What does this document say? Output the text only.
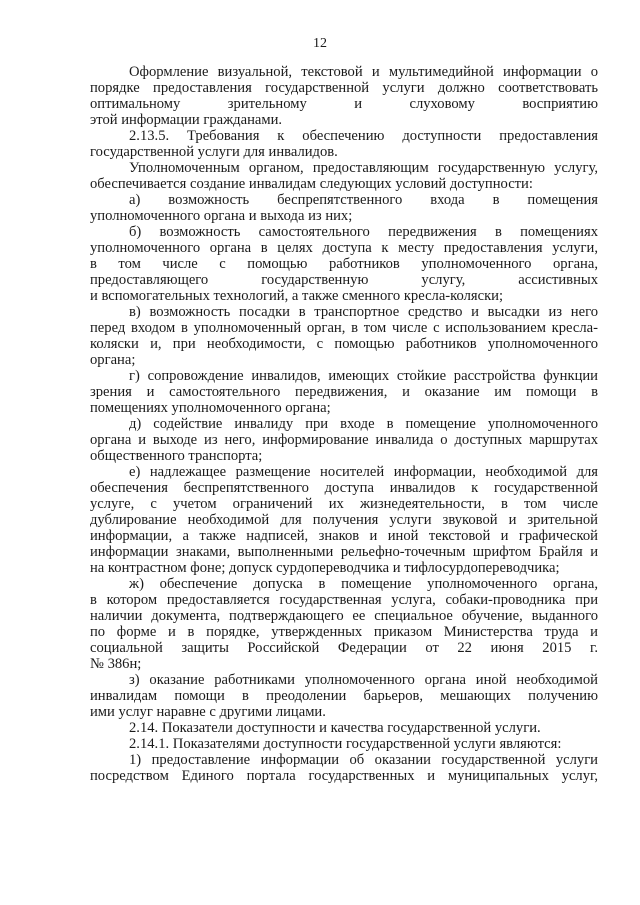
12
Оформление визуальной, текстовой и мультимедийной информации о
порядке предоставления государственной услуги должно соответствовать
оптимальному зрительному и слуховому восприятию
этой информации гражданами.
2.13.5. Требования к обеспечению доступности предоставления
государственной услуги для инвалидов.
Уполномоченным органом, предоставляющим государственную услугу,
обеспечивается создание инвалидам следующих условий доступности:
а) возможность беспрепятственного входа в помещения
уполномоченного органа и выхода из них;
б) возможность самостоятельного передвижения в помещениях
уполномоченного органа в целях доступа к месту предоставления услуги,
в том числе с помощью работников уполномоченного органа,
предоставляющего государственную услугу, ассистивных
и вспомогательных технологий, а также сменного кресла-коляски;
в) возможность посадки в транспортное средство и высадки из него
перед входом в уполномоченный орган, в том числе с использованием кресла-
коляски и, при необходимости, с помощью работников уполномоченного
органа;
г) сопровождение инвалидов, имеющих стойкие расстройства функции
зрения и самостоятельного передвижения, и оказание им помощи в
помещениях уполномоченного органа;
д) содействие инвалиду при входе в помещение уполномоченного
органа и выходе из него, информирование инвалида о доступных маршрутах
общественного транспорта;
е) надлежащее размещение носителей информации, необходимой для
обеспечения беспрепятственного доступа инвалидов к государственной
услуге, с учетом ограничений их жизнедеятельности, в том числе
дублирование необходимой для получения услуги звуковой и зрительной
информации, а также надписей, знаков и иной текстовой и графической
информации знаками, выполненными рельефно-точечным шрифтом Брайля и
на контрастном фоне; допуск сурдопереводчика и тифлосурдопереводчика;
ж) обеспечение допуска в помещение уполномоченного органа,
в котором предоставляется государственная услуга, собаки-проводника при
наличии документа, подтверждающего ее специальное обучение, выданного
по форме и в порядке, утвержденных приказом Министерства труда и
социальной защиты Российской Федерации от 22 июня 2015 г.
№ 386н;
з) оказание работниками уполномоченного органа иной необходимой
инвалидам помощи в преодолении барьеров, мешающих получению
ими услуг наравне с другими лицами.
2.14. Показатели доступности и качества государственной услуги.
2.14.1. Показателями доступности государственной услуги являются:
1) предоставление информации об оказании государственной услуги
посредством Единого портала государственных и муниципальных услуг,
